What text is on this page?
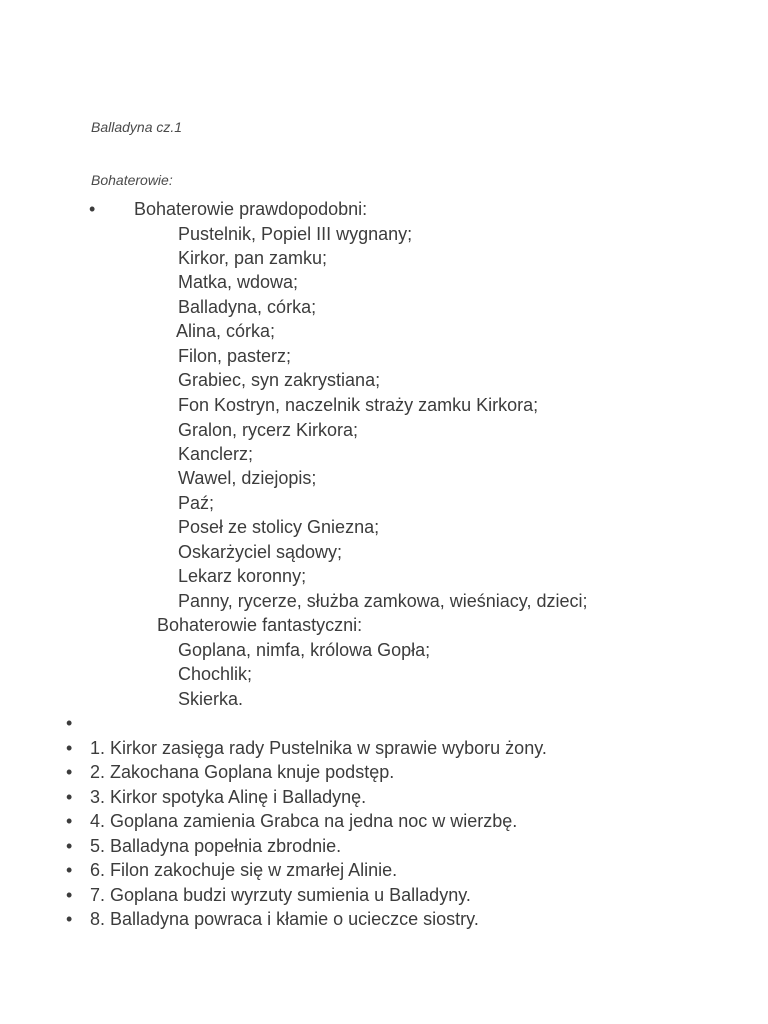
Balladyna cz.1
Bohaterowie:
• Bohaterowie prawdopodobni:
Pustelnik, Popiel III wygnany;
Kirkor, pan zamku;
Matka, wdowa;
Balladyna, córka;
Alina, córka;
Filon, pasterz;
Grabiec, syn zakrystiana;
Fon Kostryn, naczelnik straży zamku Kirkora;
Gralon, rycerz Kirkora;
Kanclerz;
Wawel, dziejopis;
Paź;
Poseł ze stolicy Gniezna;
Oskarżyciel sądowy;
Lekarz koronny;
Panny, rycerze, służba zamkowa, wieśniacy, dzieci;
Bohaterowie fantastyczni:
Goplana, nimfa, królowa Gopła;
Chochlik;
Skierka.
•
• 1. Kirkor zasięga rady Pustelnika w sprawie wyboru żony.
• 2. Zakochana Goplana knuje podstęp.
• 3. Kirkor spotyka Alinę i Balladynę.
• 4. Goplana zamienia Grabca na jedna noc w wierzbę.
• 5. Balladyna popełnia zbrodnie.
• 6. Filon zakochuje się w zmarłej Alinie.
• 7. Goplana budzi wyrzuty sumienia u Balladyny.
• 8. Balladyna powraca i kłamie o ucieczce siostry.
